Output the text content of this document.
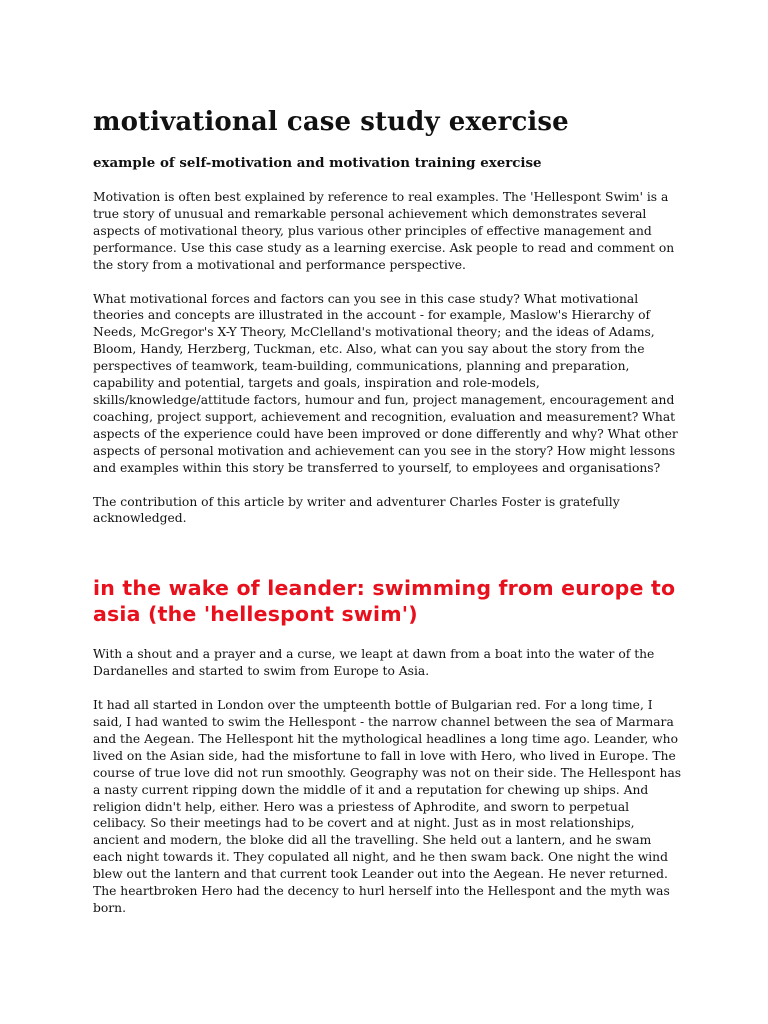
motivational case study exercise
example of self-motivation and motivation training exercise

Motivation is often best explained by reference to real examples. The 'Hellespont Swim' is a true story of unusual and remarkable personal achievement which demonstrates several aspects of motivational theory, plus various other principles of effective management and performance. Use this case study as a learning exercise. Ask people to read and comment on the story from a motivational and performance perspective.

What motivational forces and factors can you see in this case study? What motivational theories and concepts are illustrated in the account - for example, Maslow's Hierarchy of Needs, McGregor's X-Y Theory, McClelland's motivational theory; and the ideas of Adams, Bloom, Handy, Herzberg, Tuckman, etc. Also, what can you say about the story from the perspectives of teamwork, team-building, communications, planning and preparation, capability and potential, targets and goals, inspiration and role-models, skills/knowledge/attitude factors, humour and fun, project management, encouragement and coaching, project support, achievement and recognition, evaluation and measurement? What aspects of the experience could have been improved or done differently and why? What other aspects of personal motivation and achievement can you see in the story? How might lessons and examples within this story be transferred to yourself, to employees and organisations?

The contribution of this article by writer and adventurer Charles Foster is gratefully acknowledged.

in the wake of leander: swimming from europe to asia (the 'hellespont swim')

With a shout and a prayer and a curse, we leapt at dawn from a boat into the water of the Dardanelles and started to swim from Europe to Asia.

It had all started in London over the umpteenth bottle of Bulgarian red. For a long time, I said, I had wanted to swim the Hellespont - the narrow channel between the sea of Marmara and the Aegean. The Hellespont hit the mythological headlines a long time ago. Leander, who lived on the Asian side, had the misfortune to fall in love with Hero, who lived in Europe. The course of true love did not run smoothly. Geography was not on their side. The Hellespont has a nasty current ripping down the middle of it and a reputation for chewing up ships. And religion didn't help, either. Hero was a priestess of Aphrodite, and sworn to perpetual celibacy. So their meetings had to be covert and at night. Just as in most relationships, ancient and modern, the bloke did all the travelling. She held out a lantern, and he swam each night towards it. They copulated all night, and he then swam back. One night the wind blew out the lantern and that current took Leander out into the Aegean. He never returned. The heartbroken Hero had the decency to hurl herself into the Hellespont and the myth was born.
